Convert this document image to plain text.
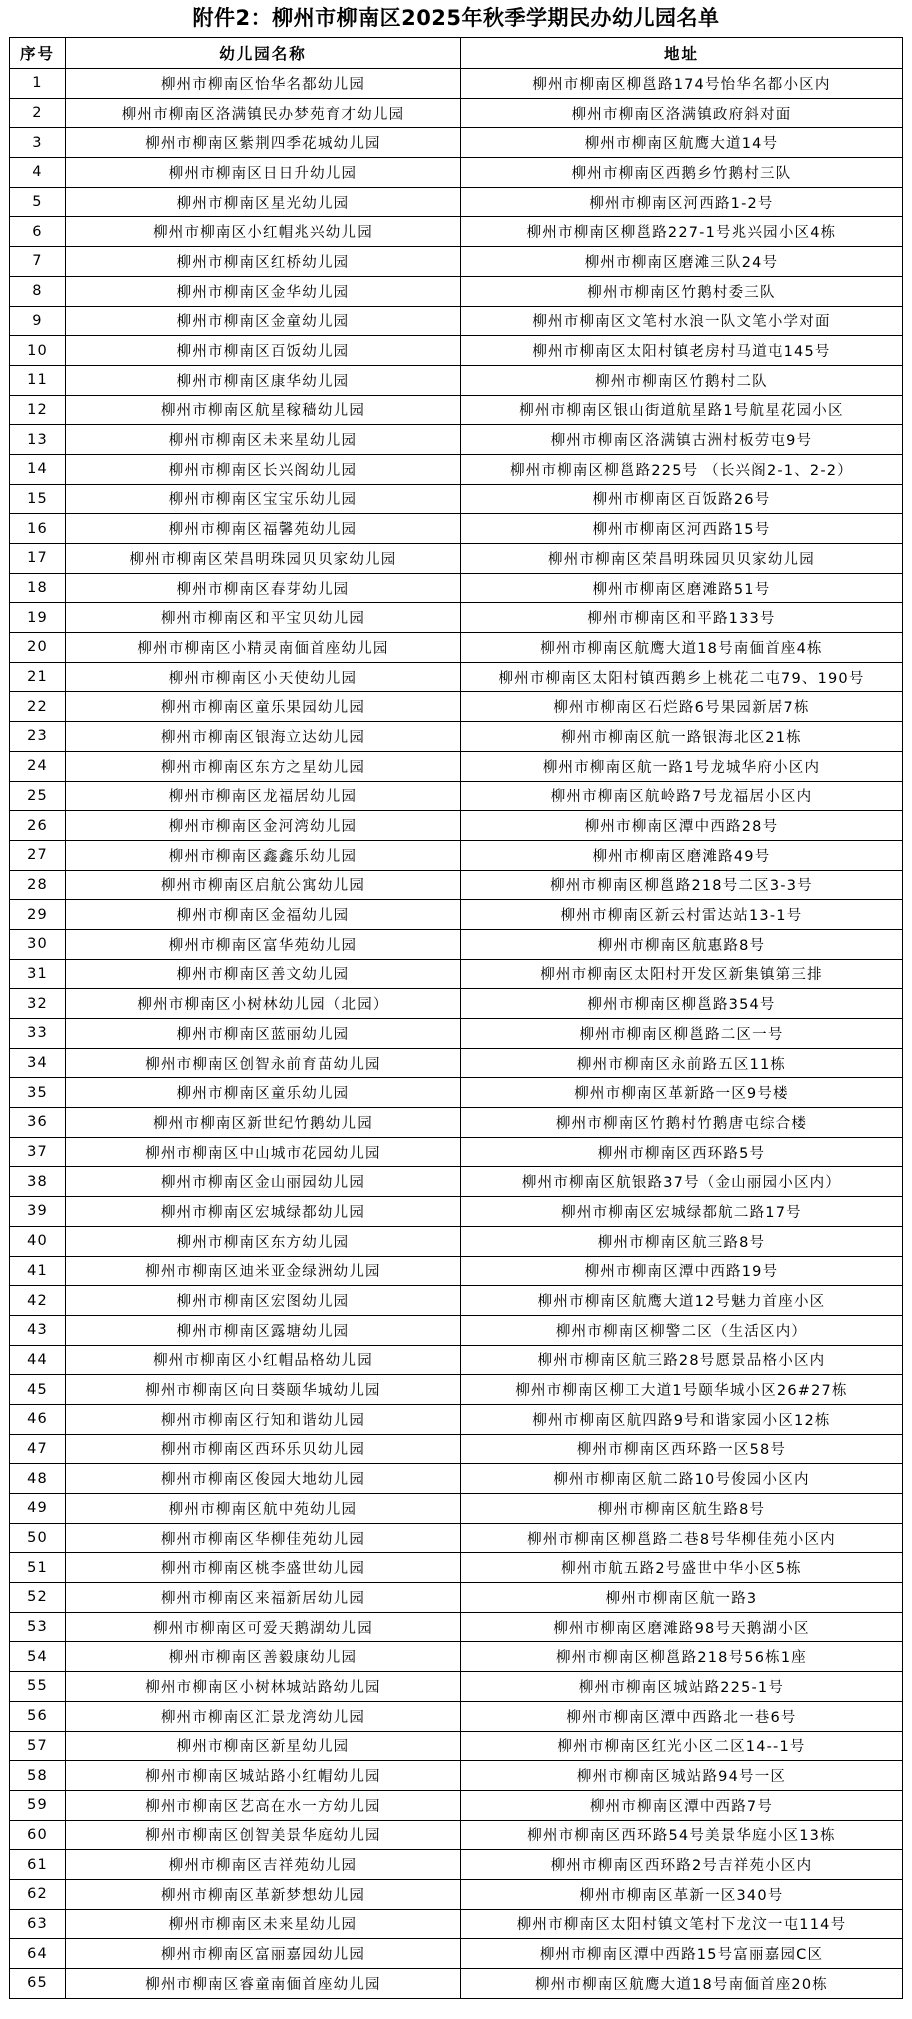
附件2：柳州市柳南区2025年秋季学期民办幼儿园名单
序号	幼儿园名称	地址
1	柳州市柳南区怡华名都幼儿园	柳州市柳南区柳邕路174号怡华名都小区内
2	柳州市柳南区洛满镇民办梦苑育才幼儿园	柳州市柳南区洛满镇政府斜对面
3	柳州市柳南区紫荆四季花城幼儿园	柳州市柳南区航鹰大道14号
4	柳州市柳南区日日升幼儿园	柳州市柳南区西鹅乡竹鹅村三队
5	柳州市柳南区星光幼儿园	柳州市柳南区河西路1-2号
6	柳州市柳南区小红帽兆兴幼儿园	柳州市柳南区柳邕路227-1号兆兴园小区4栋
7	柳州市柳南区红桥幼儿园	柳州市柳南区磨滩三队24号
8	柳州市柳南区金华幼儿园	柳州市柳南区竹鹅村委三队
9	柳州市柳南区金童幼儿园	柳州市柳南区文笔村水浪一队文笔小学对面
10	柳州市柳南区百饭幼儿园	柳州市柳南区太阳村镇老房村马道屯145号
11	柳州市柳南区康华幼儿园	柳州市柳南区竹鹅村二队
12	柳州市柳南区航星稼穑幼儿园	柳州市柳南区银山街道航星路1号航星花园小区
13	柳州市柳南区未来星幼儿园	柳州市柳南区洛满镇古洲村板劳屯9号
14	柳州市柳南区长兴阁幼儿园	柳州市柳南区柳邕路225号 （长兴阁2-1、2-2）
15	柳州市柳南区宝宝乐幼儿园	柳州市柳南区百饭路26号
16	柳州市柳南区福馨苑幼儿园	柳州市柳南区河西路15号
17	柳州市柳南区荣昌明珠园贝贝家幼儿园	柳州市柳南区荣昌明珠园贝贝家幼儿园
18	柳州市柳南区春芽幼儿园	柳州市柳南区磨滩路51号
19	柳州市柳南区和平宝贝幼儿园	柳州市柳南区和平路133号
20	柳州市柳南区小精灵南偭首座幼儿园	柳州市柳南区航鹰大道18号南偭首座4栋
21	柳州市柳南区小天使幼儿园	柳州市柳南区太阳村镇西鹅乡上桃花二屯79、190号
22	柳州市柳南区童乐果园幼儿园	柳州市柳南区石烂路6号果园新居7栋
23	柳州市柳南区银海立达幼儿园	柳州市柳南区航一路银海北区21栋
24	柳州市柳南区东方之星幼儿园	柳州市柳南区航一路1号龙城华府小区内
25	柳州市柳南区龙福居幼儿园	柳州市柳南区航岭路7号龙福居小区内
26	柳州市柳南区金河湾幼儿园	柳州市柳南区潭中西路28号
27	柳州市柳南区鑫鑫乐幼儿园	柳州市柳南区磨滩路49号
28	柳州市柳南区启航公寓幼儿园	柳州市柳南区柳邕路218号二区3-3号
29	柳州市柳南区金福幼儿园	柳州市柳南区新云村雷达站13-1号
30	柳州市柳南区富华苑幼儿园	柳州市柳南区航惠路8号
31	柳州市柳南区善文幼儿园	柳州市柳南区太阳村开发区新集镇第三排
32	柳州市柳南区小树林幼儿园（北园）	柳州市柳南区柳邕路354号
33	柳州市柳南区蓝丽幼儿园	柳州市柳南区柳邕路二区一号
34	柳州市柳南区创智永前育苗幼儿园	柳州市柳南区永前路五区11栋
35	柳州市柳南区童乐幼儿园	柳州市柳南区革新路一区9号楼
36	柳州市柳南区新世纪竹鹅幼儿园	柳州市柳南区竹鹅村竹鹅唐屯综合楼
37	柳州市柳南区中山城市花园幼儿园	柳州市柳南区西环路5号
38	柳州市柳南区金山丽园幼儿园	柳州市柳南区航银路37号（金山丽园小区内）
39	柳州市柳南区宏城绿都幼儿园	柳州市柳南区宏城绿都航二路17号
40	柳州市柳南区东方幼儿园	柳州市柳南区航三路8号
41	柳州市柳南区迪米亚金绿洲幼儿园	柳州市柳南区潭中西路19号
42	柳州市柳南区宏图幼儿园	柳州市柳南区航鹰大道12号魅力首座小区
43	柳州市柳南区露塘幼儿园	柳州市柳南区柳警二区（生活区内）
44	柳州市柳南区小红帽品格幼儿园	柳州市柳南区航三路28号愿景品格小区内
45	柳州市柳南区向日葵颐华城幼儿园	柳州市柳南区柳工大道1号颐华城小区26#27栋
46	柳州市柳南区行知和谐幼儿园	柳州市柳南区航四路9号和谐家园小区12栋
47	柳州市柳南区西环乐贝幼儿园	柳州市柳南区西环路一区58号
48	柳州市柳南区俊园大地幼儿园	柳州市柳南区航二路10号俊园小区内
49	柳州市柳南区航中苑幼儿园	柳州市柳南区航生路8号
50	柳州市柳南区华柳佳苑幼儿园	柳州市柳南区柳邕路二巷8号华柳佳苑小区内
51	柳州市柳南区桃李盛世幼儿园	柳州市航五路2号盛世中华小区5栋
52	柳州市柳南区来福新居幼儿园	柳州市柳南区航一路3
53	柳州市柳南区可爱天鹅湖幼儿园	柳州市柳南区磨滩路98号天鹅湖小区
54	柳州市柳南区善毅康幼儿园	柳州市柳南区柳邕路218号56栋1座
55	柳州市柳南区小树林城站路幼儿园	柳州市柳南区城站路225-1号
56	柳州市柳南区汇景龙湾幼儿园	柳州市柳南区潭中西路北一巷6号
57	柳州市柳南区新星幼儿园	柳州市柳南区红光小区二区14--1号
58	柳州市柳南区城站路小红帽幼儿园	柳州市柳南区城站路94号一区
59	柳州市柳南区艺高在水一方幼儿园	柳州市柳南区潭中西路7号
60	柳州市柳南区创智美景华庭幼儿园	柳州市柳南区西环路54号美景华庭小区13栋
61	柳州市柳南区吉祥苑幼儿园	柳州市柳南区西环路2号吉祥苑小区内
62	柳州市柳南区革新梦想幼儿园	柳州市柳南区革新一区340号
63	柳州市柳南区未来星幼儿园	柳州市柳南区太阳村镇文笔村下龙汶一屯114号
64	柳州市柳南区富丽嘉园幼儿园	柳州市柳南区潭中西路15号富丽嘉园C区
65	柳州市柳南区睿童南偭首座幼儿园	柳州市柳南区航鹰大道18号南偭首座20栋
